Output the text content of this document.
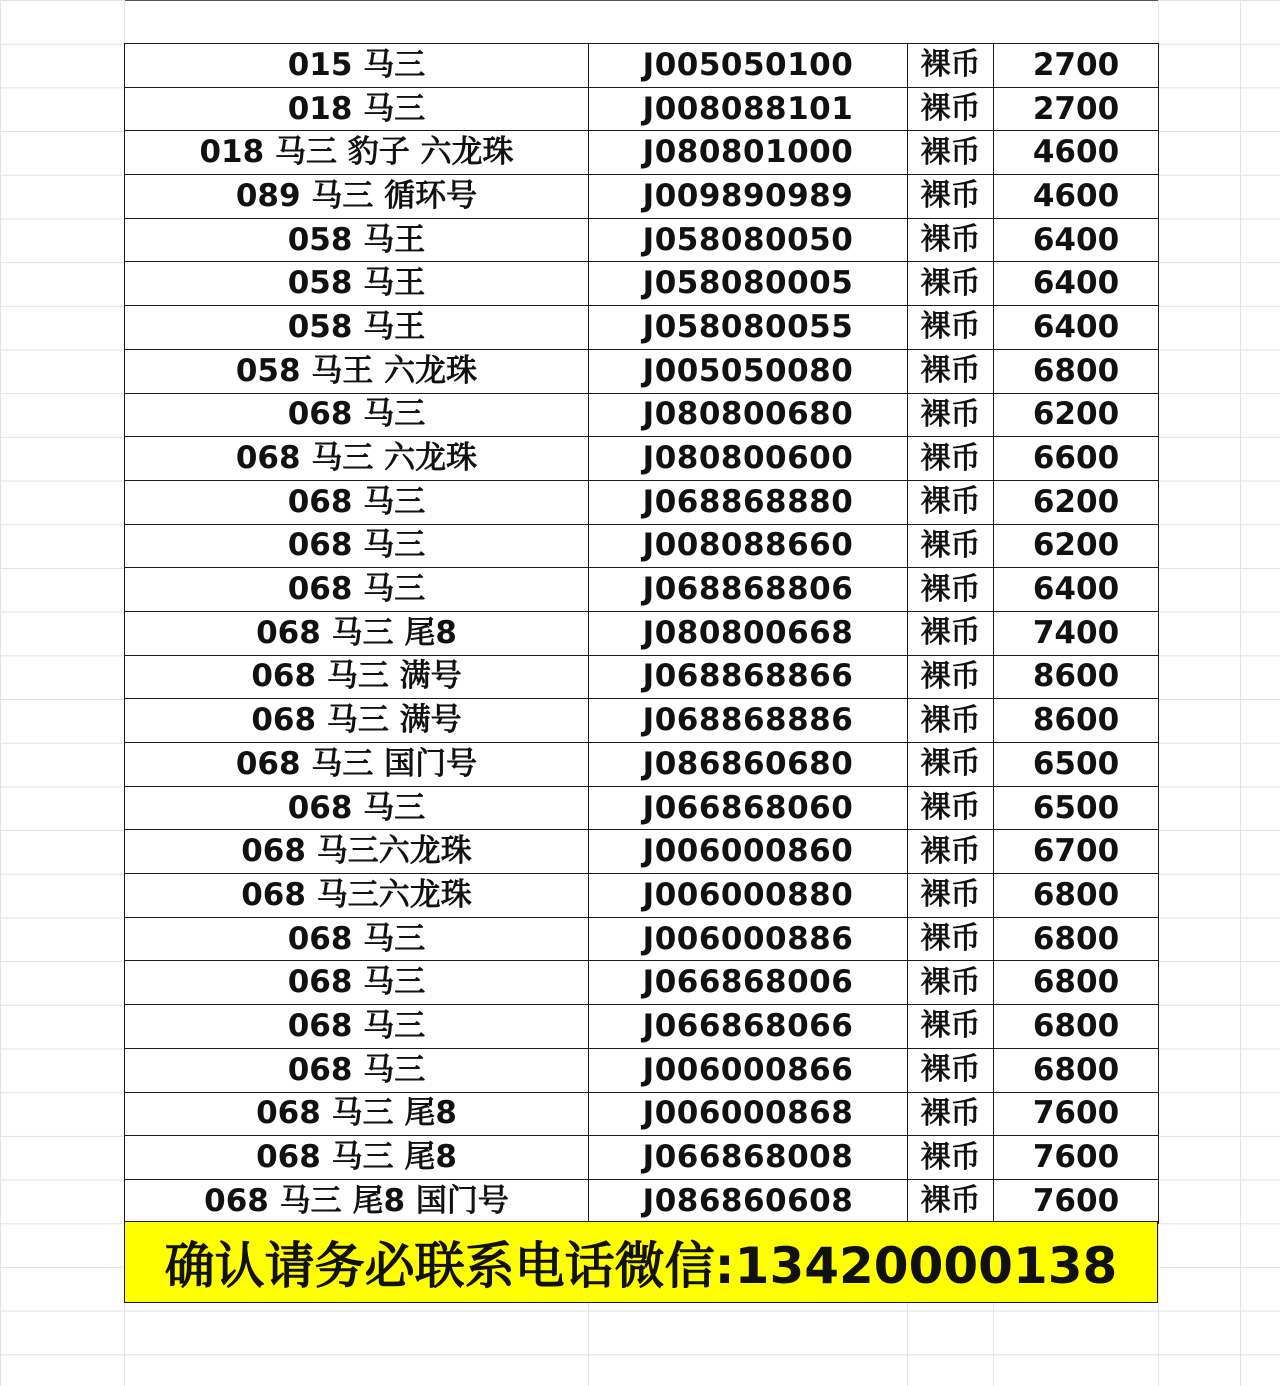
015 马三	J005050100	裸币	2700
018 马三	J008088101	裸币	2700
018 马三 豹子 六龙珠	J080801000	裸币	4600
089 马三 循环号	J009890989	裸币	4600
058 马王	J058080050	裸币	6400
058 马王	J058080005	裸币	6400
058 马王	J058080055	裸币	6400
058 马王 六龙珠	J005050080	裸币	6800
068 马三	J080800680	裸币	6200
068 马三 六龙珠	J080800600	裸币	6600
068 马三	J068868880	裸币	6200
068 马三	J008088660	裸币	6200
068 马三	J068868806	裸币	6400
068 马三 尾8	J080800668	裸币	7400
068 马三 满号	J068868866	裸币	8600
068 马三 满号	J068868886	裸币	8600
068 马三 国门号	J086860680	裸币	6500
068 马三	J066868060	裸币	6500
068 马三六龙珠	J006000860	裸币	6700
068 马三六龙珠	J006000880	裸币	6800
068 马三	J006000886	裸币	6800
068 马三	J066868006	裸币	6800
068 马三	J066868066	裸币	6800
068 马三	J006000866	裸币	6800
068 马三 尾8	J006000868	裸币	7600
068 马三 尾8	J066868008	裸币	7600
068 马三 尾8 国门号	J086860608	裸币	7600
确认请务必联系电话微信:13420000138
